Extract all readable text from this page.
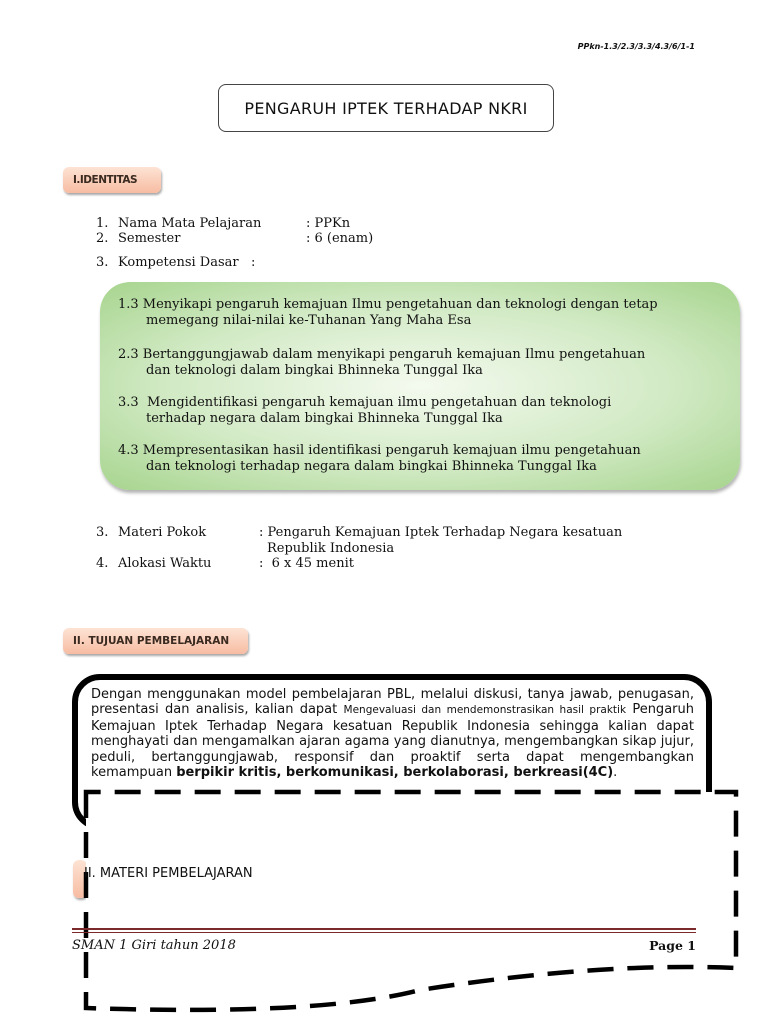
PPkn-1.3/2.3/3.3/4.3/6/1-1
PENGARUH IPTEK TERHADAP NKRI
I.IDENTITAS
1. Nama Mata Pelajaran	: PPKn
2. Semester	: 6 (enam)
3. Kompetensi Dasar   :
1.3 Menyikapi pengaruh kemajuan Ilmu pengetahuan dan teknologi dengan tetap
memegang nilai-nilai ke-Tuhanan Yang Maha Esa
2.3 Bertanggungjawab dalam menyikapi pengaruh kemajuan Ilmu pengetahuan
dan teknologi dalam bingkai Bhinneka Tunggal Ika
3.3  Mengidentifikasi pengaruh kemajuan ilmu pengetahuan dan teknologi
terhadap negara dalam bingkai Bhinneka Tunggal Ika
4.3 Mempresentasikan hasil identifikasi pengaruh kemajuan ilmu pengetahuan
dan teknologi terhadap negara dalam bingkai Bhinneka Tunggal Ika
3. Materi Pokok	: Pengaruh Kemajuan Iptek Terhadap Negara kesatuan
Republik Indonesia
4. Alokasi Waktu	:  6 x 45 menit
II. TUJUAN PEMBELAJARAN
Dengan menggunakan model pembelajaran PBL, melalui diskusi, tanya jawab, penugasan, presentasi dan analisis, kalian dapat Mengevaluasi dan mendemonstrasikan hasil praktik Pengaruh Kemajuan Iptek Terhadap Negara kesatuan Republik Indonesia sehingga kalian dapat menghayati dan mengamalkan ajaran agama yang dianutnya, mengembangkan sikap jujur, peduli, bertanggungjawab, responsif dan proaktif serta dapat mengembangkan kemampuan berpikir kritis, berkomunikasi, berkolaborasi, berkreasi(4C).
II. MATERI PEMBELAJARAN
SMAN 1 Giri tahun 2018	Page 1
